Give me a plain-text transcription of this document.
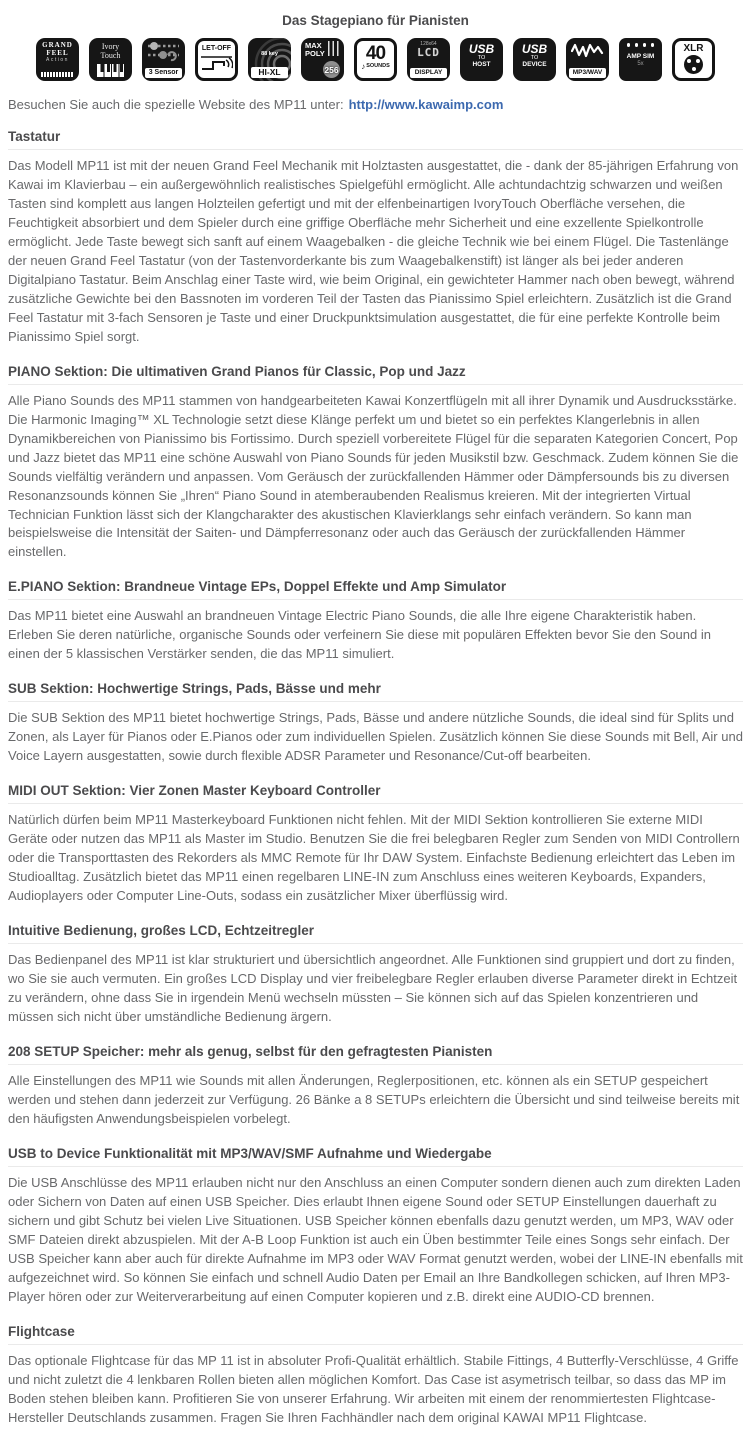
Das Stagepiano für Pianisten
GRAND
FEEL
Action
Ivory
Touch
3 Sensor
LET-OFF
88 key
HI-XL
MAX
POLY
256
40
♪ SOUNDS
128x64
LCD
DISPLAY
USB
TO
HOST
USB
TO
DEVICE
MP3/WAV
AMP SIM
5x
XLR
Besuchen Sie auch die spezielle Website des MP11 unter: http://www.kawaimp.com
Tastatur

Das Modell MP11 ist mit der neuen Grand Feel Mechanik mit Holztasten ausgestattet, die - dank der 85-jährigen Erfahrung von Kawai im Klavierbau – ein außergewöhnlich realistisches Spielgefühl ermöglicht. Alle achtundachtzig schwarzen und weißen Tasten sind komplett aus langen Holzteilen gefertigt und mit der elfenbeinartigen IvoryTouch Oberfläche versehen, die Feuchtigkeit absorbiert und dem Spieler durch eine griffige Oberfläche mehr Sicherheit und eine exzellente Spielkontrolle ermöglicht. Jede Taste bewegt sich sanft auf einem Waagebalken - die gleiche Technik wie bei einem Flügel. Die Tastenlänge der neuen Grand Feel Tastatur (von der Tastenvorderkante bis zum Waagebalkenstift) ist länger als bei jeder anderen Digitalpiano Tastatur. Beim Anschlag einer Taste wird, wie beim Original, ein gewichteter Hammer nach oben bewegt, während zusätzliche Gewichte bei den Bassnoten im vorderen Teil der Tasten das Pianissimo Spiel erleichtern. Zusätzlich ist die Grand Feel Tastatur mit 3-fach Sensoren je Taste und einer Druckpunktsimulation ausgestattet, die für eine perfekte Kontrolle beim Pianissimo Spiel sorgt.

PIANO Sektion: Die ultimativen Grand Pianos für Classic, Pop und Jazz

Alle Piano Sounds des MP11 stammen von handgearbeiteten Kawai Konzertflügeln mit all ihrer Dynamik und Ausdrucksstärke. Die Harmonic Imaging™ XL Technologie setzt diese Klänge perfekt um und bietet so ein perfektes Klangerlebnis in allen Dynamikbereichen von Pianissimo bis Fortissimo. Durch speziell vorbereitete Flügel für die separaten Kategorien Concert, Pop und Jazz bietet das MP11 eine schöne Auswahl von Piano Sounds für jeden Musikstil bzw. Geschmack. Zudem können Sie die Sounds vielfältig verändern und anpassen. Vom Geräusch der zurückfallenden Hämmer oder Dämpfersounds bis zu diversen Resonanzsounds können Sie „Ihren“ Piano Sound in atemberaubenden Realismus kreieren. Mit der integrierten Virtual Technician Funktion lässt sich der Klangcharakter des akustischen Klavierklangs sehr einfach verändern. So kann man beispielsweise die Intensität der Saiten- und Dämpferresonanz oder auch das Geräusch der zurückfallenden Hämmer einstellen.

E.PIANO Sektion: Brandneue Vintage EPs, Doppel Effekte und Amp Simulator

Das MP11 bietet eine Auswahl an brandneuen Vintage Electric Piano Sounds, die alle Ihre eigene Charakteristik haben. Erleben Sie deren natürliche, organische Sounds oder verfeinern Sie diese mit populären Effekten bevor Sie den Sound in einen der 5 klassischen Verstärker senden, die das MP11 simuliert.

SUB Sektion: Hochwertige Strings, Pads, Bässe und mehr

Die SUB Sektion des MP11 bietet hochwertige Strings, Pads, Bässe und andere nützliche Sounds, die ideal sind für Splits und Zonen, als Layer für Pianos oder E.Pianos oder zum individuellen Spielen. Zusätzlich können Sie diese Sounds mit Bell, Air und Voice Layern ausgestatten, sowie durch flexible ADSR Parameter und Resonance/Cut-off bearbeiten.

MIDI OUT Sektion: Vier Zonen Master Keyboard Controller

Natürlich dürfen beim MP11 Masterkeyboard Funktionen nicht fehlen. Mit der MIDI Sektion kontrollieren Sie externe MIDI Geräte oder nutzen das MP11 als Master im Studio. Benutzen Sie die frei belegbaren Regler zum Senden von MIDI Controllern oder die Transporttasten des Rekorders als MMC Remote für Ihr DAW System. Einfachste Bedienung erleichtert das Leben im Studioalltag. Zusätzlich bietet das MP11 einen regelbaren LINE-IN zum Anschluss eines weiteren Keyboards, Expanders, Audioplayers oder Computer Line-Outs, sodass ein zusätzlicher Mixer überflüssig wird.

Intuitive Bedienung, großes LCD, Echtzeitregler

Das Bedienpanel des MP11 ist klar strukturiert und übersichtlich angeordnet. Alle Funktionen sind gruppiert und dort zu finden, wo Sie sie auch vermuten. Ein großes LCD Display und vier freibelegbare Regler erlauben diverse Parameter direkt in Echtzeit zu verändern, ohne dass Sie in irgendein Menü wechseln müssten – Sie können sich auf das Spielen konzentrieren und müssen sich nicht über umständliche Bedienung ärgern.

208 SETUP Speicher: mehr als genug, selbst für den gefragtesten Pianisten

Alle Einstellungen des MP11 wie Sounds mit allen Änderungen, Reglerpositionen, etc. können als ein SETUP gespeichert werden und stehen dann jederzeit zur Verfügung. 26 Bänke a 8 SETUPs erleichtern die Übersicht und sind teilweise bereits mit den häufigsten Anwendungsbeispielen vorbelegt.

USB to Device Funktionalität mit MP3/WAV/SMF Aufnahme und Wiedergabe

Die USB Anschlüsse des MP11 erlauben nicht nur den Anschluss an einen Computer sondern dienen auch zum direkten Laden oder Sichern von Daten auf einen USB Speicher. Dies erlaubt Ihnen eigene Sound oder SETUP Einstellungen dauerhaft zu sichern und gibt Schutz bei vielen Live Situationen. USB Speicher können ebenfalls dazu genutzt werden, um MP3, WAV oder SMF Dateien direkt abzuspielen. Mit der A-B Loop Funktion ist auch ein Üben bestimmter Teile eines Songs sehr einfach. Der USB Speicher kann aber auch für direkte Aufnahme im MP3 oder WAV Format genutzt werden, wobei der LINE-IN ebenfalls mit aufgezeichnet wird. So können Sie einfach und schnell Audio Daten per Email an Ihre Bandkollegen schicken, auf Ihren MP3-Player hören oder zur Weiterverarbeitung auf einen Computer kopieren und z.B. direkt eine AUDIO-CD brennen.

Flightcase

Das optionale Flightcase für das MP 11 ist in absoluter Profi-Qualität erhältlich. Stabile Fittings, 4 Butterfly-Verschlüsse, 4 Griffe und nicht zuletzt die 4 lenkbaren Rollen bieten allen möglichen Komfort. Das Case ist asymetrisch teilbar, so dass das MP im Boden stehen bleiben kann. Profitieren Sie von unserer Erfahrung. Wir arbeiten mit einem der renommiertesten Flightcase-Hersteller Deutschlands zusammen. Fragen Sie Ihren Fachhändler nach dem original KAWAI MP11 Flightcase.
